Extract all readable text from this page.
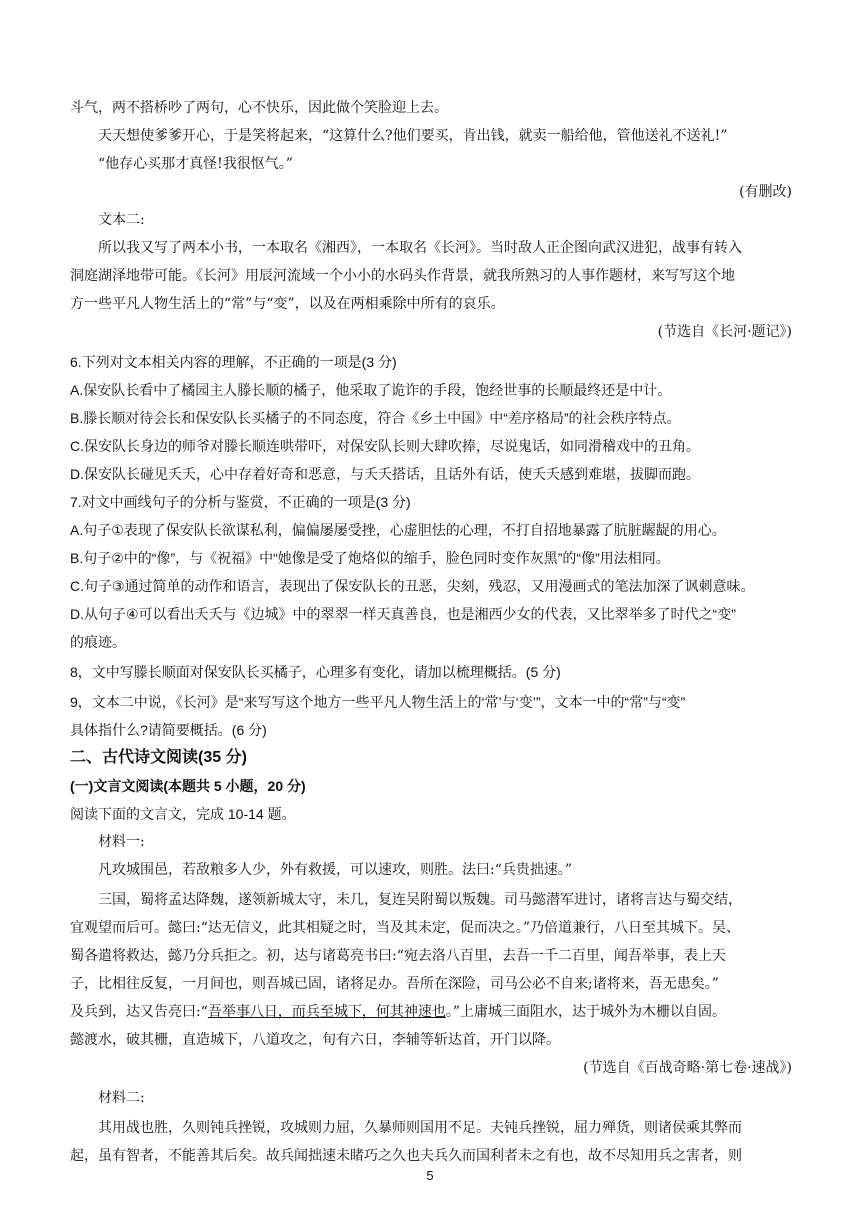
斗气，两不搭桥吵了两句，心不快乐，因此做个笑脸迎上去。

天天想使爹爹开心，于是笑将起来，“这算什么?他们要买，肯出钱，就卖一船给他，管他送礼不送礼!”

“他存心买那才真怪!我很怄气。”

(有删改)

文本二:

所以我又写了两本小书，一本取名《湘西》，一本取名《长河》。当时敌人正企图向武汉进犯，战事有转入

洞庭湖泽地带可能。《长河》用辰河流域一个小小的水码头作背景，就我所熟习的人事作题材，来写写这个地

方一些平凡人物生活上的“常”与“变”，以及在两相乘除中所有的哀乐。

(节选自《长河·题记》)

6.下列对文本相关内容的理解，不正确的一项是(3 分)

A.保安队长看中了橘园主人滕长顺的橘子，他采取了诡诈的手段，饱经世事的长顺最终还是中计。

B.滕长顺对待会长和保安队长买橘子的不同态度，符合《乡土中国》中“差序格局”的社会秩序特点。

C.保安队长身边的师爷对滕长顺连哄带吓，对保安队长则大肆吹捧，尽说鬼话，如同滑稽戏中的丑角。

D.保安队长碰见夭夭，心中存着好奇和恶意，与夭夭搭话，且话外有话，使夭夭感到难堪，拔脚而跑。

7.对文中画线句子的分析与鉴赏，不正确的一项是(3 分)

A.句子①表现了保安队长欲谋私利，偏偏屡屡受挫，心虚胆怯的心理，不打自招地暴露了肮脏龌龊的用心。

B.句子②中的“像”，与《祝福》中“她像是受了炮烙似的缩手，脸色同时变作灰黑”的“像”用法相同。

C.句子③通过简单的动作和语言，表现出了保安队长的丑恶，尖刻，残忍，又用漫画式的笔法加深了讽刺意味。

D.从句子④可以看出夭夭与《边城》中的翠翠一样天真善良，也是湘西少女的代表，又比翠举多了时代之“变”

的痕迹。

8，文中写滕长顺面对保安队长买橘子，心理多有变化，请加以梳理概括。(5 分)

9，文本二中说，《长河》是“来写写这个地方一些平凡人物生活上的‘常’与‘变’”，文本一中的“常”与“变”

具体指什么?请简要概括。(6 分)

二、古代诗文阅读(35 分)

(一)文言文阅读(本题共 5 小题，20 分)

阅读下面的文言文，完成 10-14 题。

材料一:

凡攻城围邑，若敌粮多人少，外有救援，可以速攻，则胜。法曰:“兵贵拙速。”

三国，蜀将孟达降魏，遂领新城太守，未几，复连吴附蜀以叛魏。司马懿潜军进讨，诸将言达与蜀交结，

宜观望而后可。懿曰:“达无信义，此其相疑之时，当及其未定，促而决之。”乃倍道兼行，八日至其城下。吴、

蜀各遣将救达，懿乃分兵拒之。初，达与诸葛亮书曰:“宛去洛八百里，去吾一千二百里，闻吾举事，表上天

子，比相往反复，一月间也，则吾城已固，诸将足办。吾所在深险，司马公必不自来;诸将来，吾无患矣。”

及兵到，达又告亮曰:“吾举事八日，而兵至城下，何其神速也。”上庸城三面阻水，达于城外为木栅以自固。

懿渡水，破其栅，直造城下，八道攻之，旬有六日，李辅等斩达首，开门以降。

(节选自《百战奇略·第七卷·速战》)

材料二:

其用战也胜，久则钝兵挫锐，攻城则力屈，久暴师则国用不足。夫钝兵挫锐，屈力殚货，则诸侯乘其弊而

起，虽有智者，不能善其后矣。故兵闻拙速未睹巧之久也夫兵久而国利者未之有也，故不尽知用兵之害者，则

5
